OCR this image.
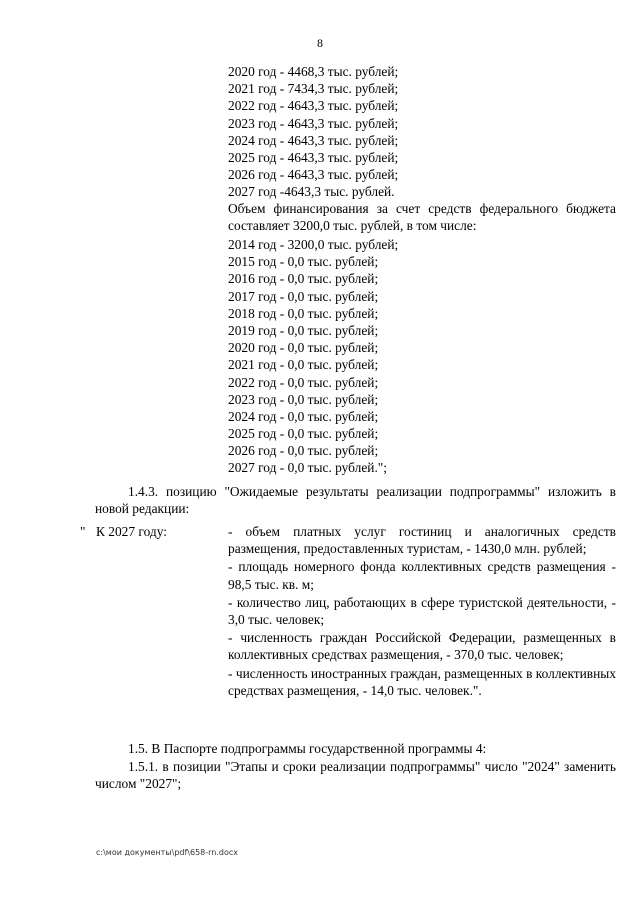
8
2020 год - 4468,3 тыс. рублей;
2021 год - 7434,3 тыс. рублей;
2022 год - 4643,3 тыс. рублей;
2023 год - 4643,3 тыс. рублей;
2024 год - 4643,3 тыс. рублей;
2025 год - 4643,3 тыс. рублей;
2026 год - 4643,3 тыс. рублей;
2027 год -4643,3 тыс. рублей.
Объем финансирования за счет средств федерального бюджета составляет 3200,0 тыс. рублей, в том числе:
2014 год - 3200,0 тыс. рублей;
2015 год - 0,0 тыс. рублей;
2016 год - 0,0 тыс. рублей;
2017 год - 0,0 тыс. рублей;
2018 год - 0,0 тыс. рублей;
2019 год - 0,0 тыс. рублей;
2020 год - 0,0 тыс. рублей;
2021 год - 0,0 тыс. рублей;
2022 год - 0,0 тыс. рублей;
2023 год - 0,0 тыс. рублей;
2024 год - 0,0 тыс. рублей;
2025 год - 0,0 тыс. рублей;
2026 год - 0,0 тыс. рублей;
2027 год - 0,0 тыс. рублей.";
1.4.3. позицию "Ожидаемые результаты реализации подпрограммы" изложить в новой редакции:
" К 2027 году:	- объем платных услуг гостиниц и аналогичных средств размещения, предоставленных туристам, - 1430,0 млн. рублей;
- площадь номерного фонда коллективных средств размещения - 98,5 тыс. кв. м;
- количество лиц, работающих в сфере туристской деятельности, - 3,0 тыс. человек;
- численность граждан Российской Федерации, размещенных в коллективных средствах размещения, - 370,0 тыс. человек;
- численность иностранных граждан, размещенных в коллективных средствах размещения, - 14,0 тыс. человек.".
1.5. В Паспорте подпрограммы государственной программы 4:
1.5.1. в позиции "Этапы и сроки реализации подпрограммы" число "2024" заменить числом "2027";
c:\мои документы\pdf\658-rn.docx
